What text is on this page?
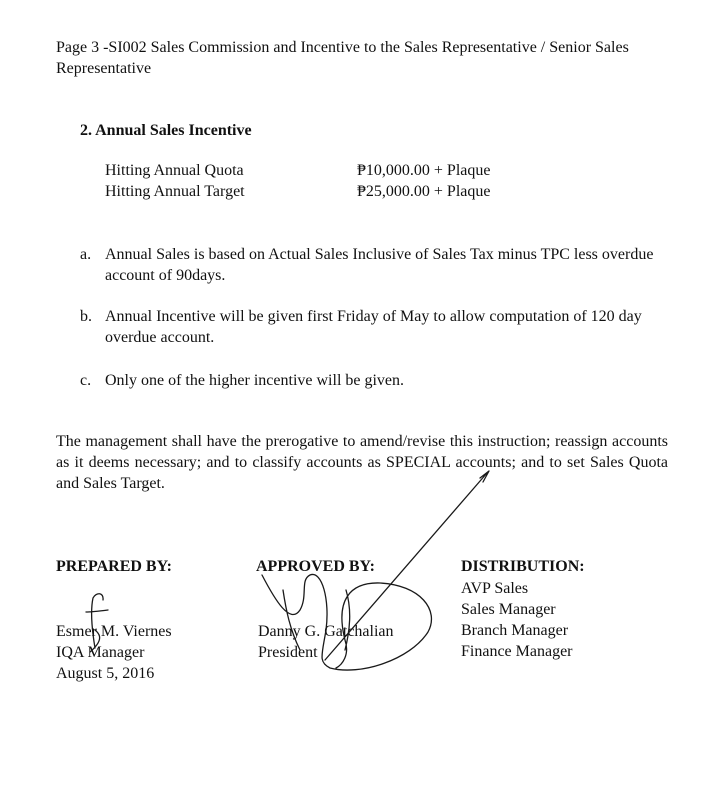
Page 3 -SI002 Sales Commission and Incentive to the Sales Representative / Senior Sales Representative
2. Annual Sales Incentive
Hitting Annual Quota	₱10,000.00 + Plaque
Hitting Annual Target	₱25,000.00 + Plaque
a. Annual Sales is based on Actual Sales Inclusive of Sales Tax minus TPC less overdue account of 90days.
b. Annual Incentive will be given first Friday of May to allow computation of 120 day overdue account.
c. Only one of the higher incentive will be given.
The management shall have the prerogative to amend/revise this instruction; reassign accounts as it deems necessary; and to classify accounts as SPECIAL accounts; and to set Sales Quota and Sales Target.
PREPARED BY:
Esmer M. Viernes
IQA Manager
August 5, 2016
APPROVED BY:
Danny G. Gatchalian
President
DISTRIBUTION:
AVP Sales
Sales Manager
Branch Manager
Finance Manager
